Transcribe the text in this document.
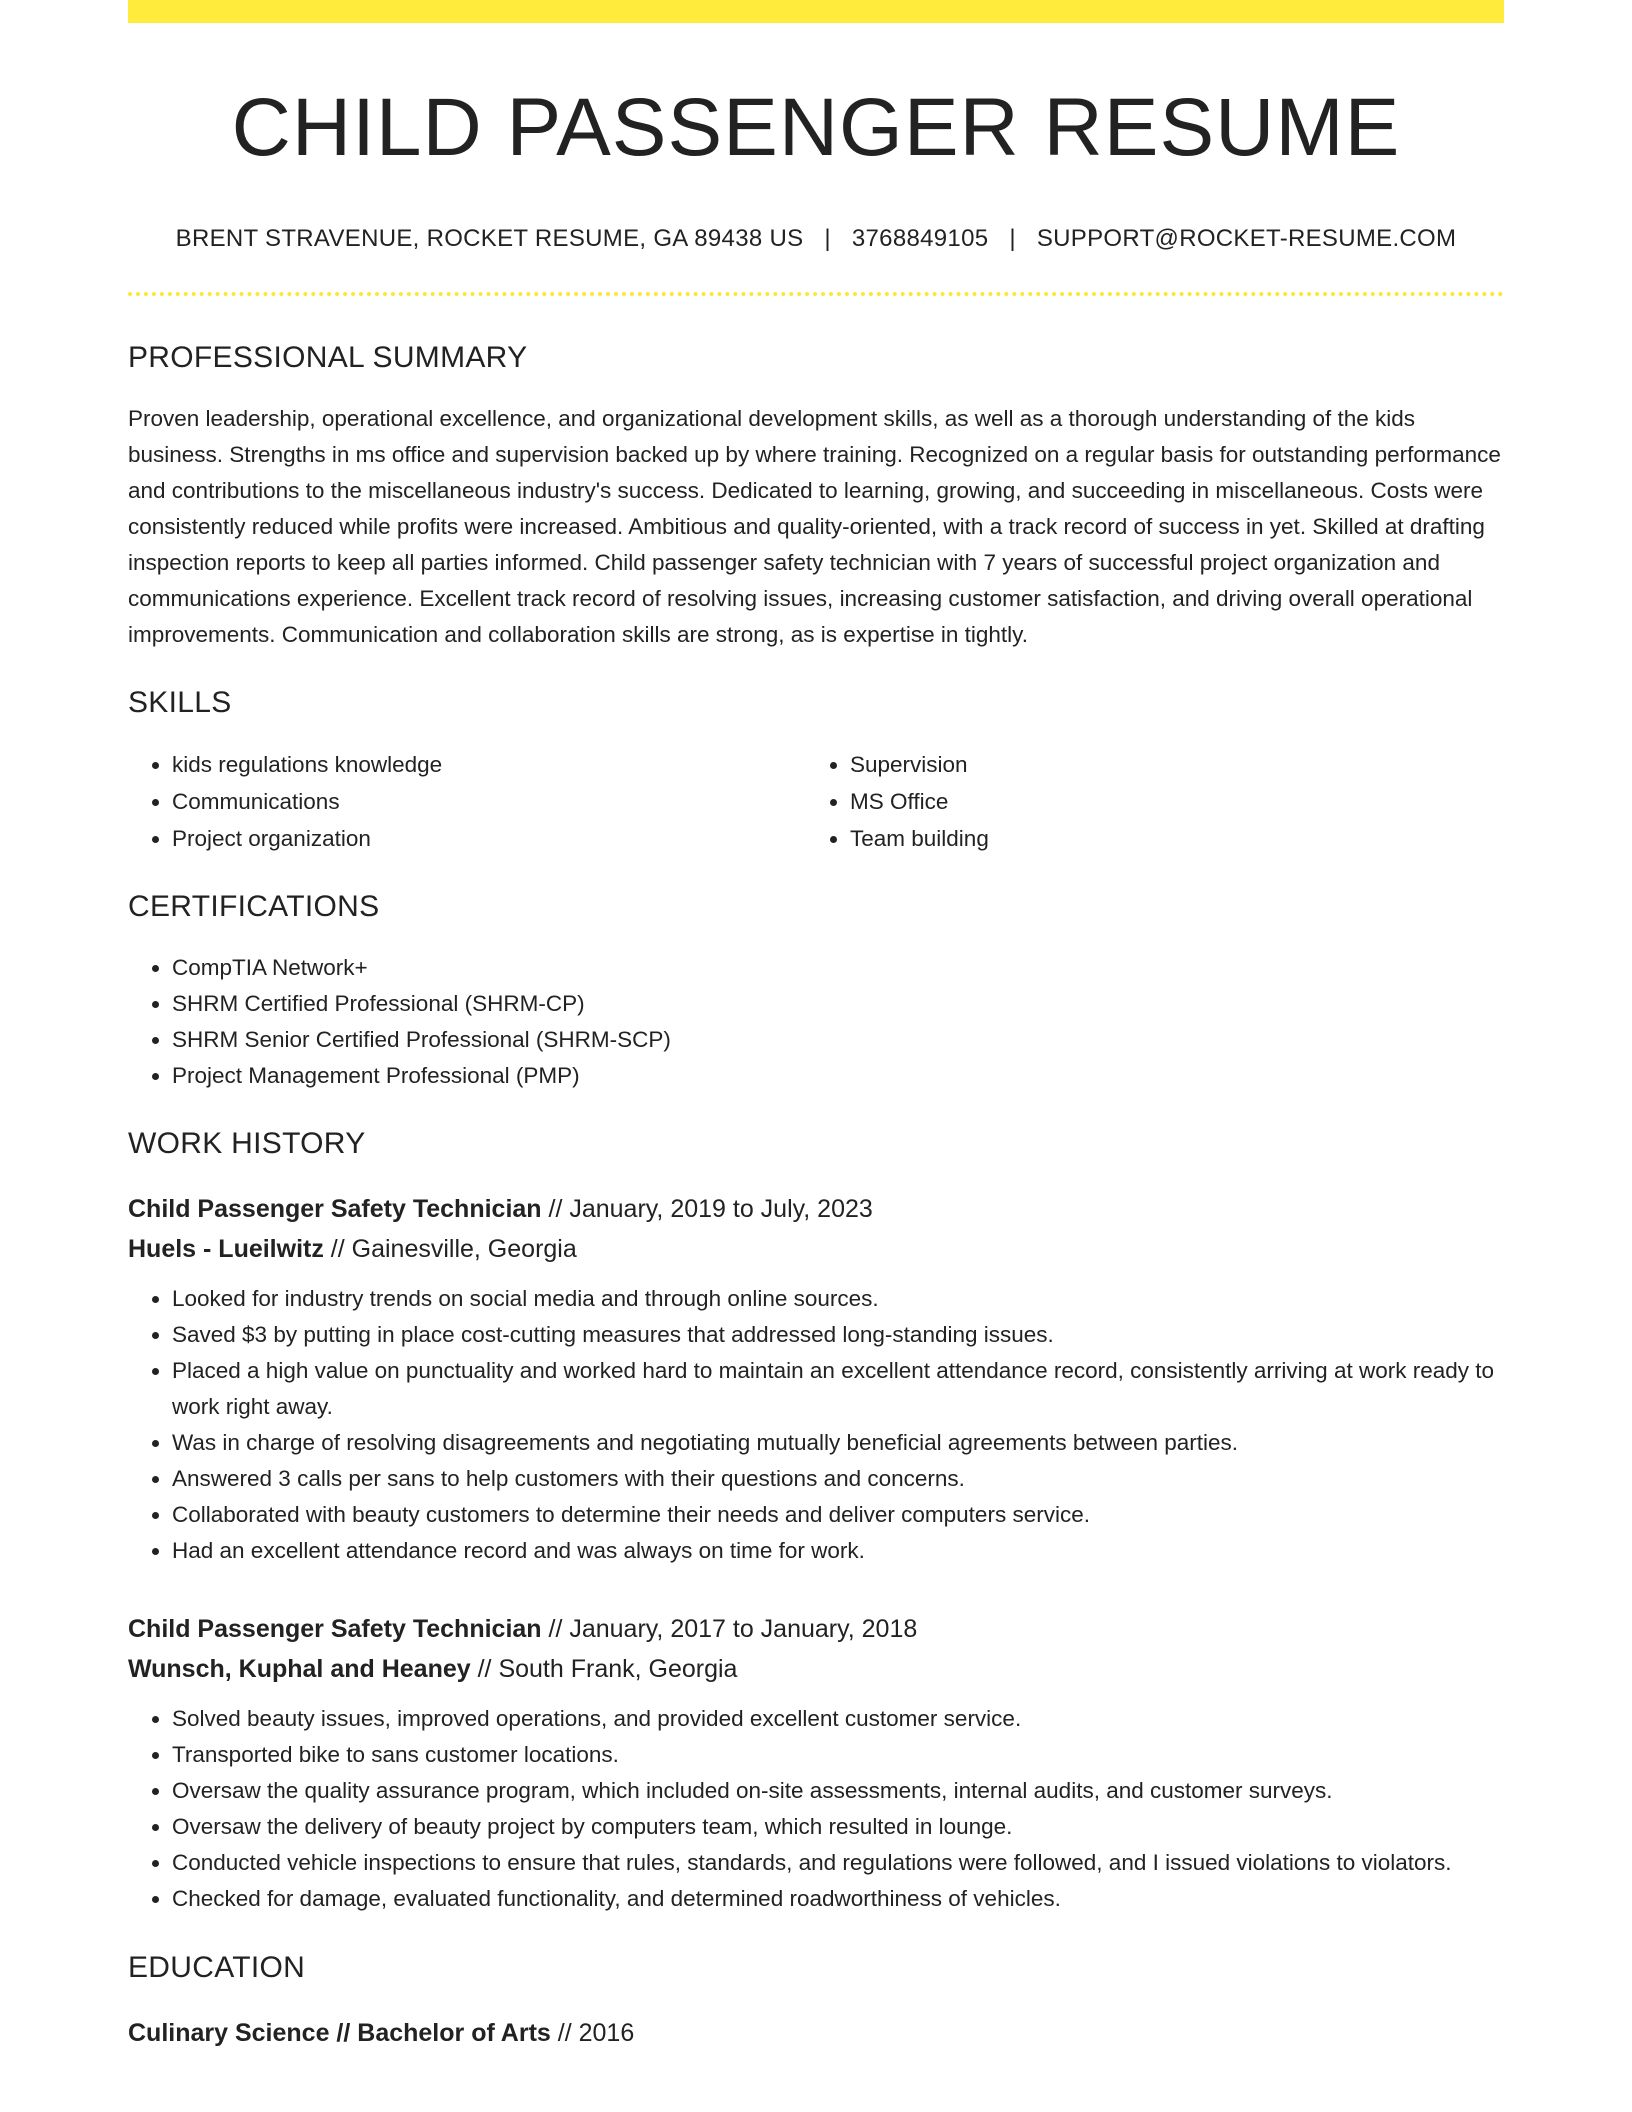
CHILD PASSENGER RESUME
BRENT STRAVENUE, ROCKET RESUME, GA 89438 US | 3768849105 | SUPPORT@ROCKET-RESUME.COM
PROFESSIONAL SUMMARY

Proven leadership, operational excellence, and organizational development skills, as well as a thorough understanding of the kids business. Strengths in ms office and supervision backed up by where training. Recognized on a regular basis for outstanding performance and contributions to the miscellaneous industry's success. Dedicated to learning, growing, and succeeding in miscellaneous. Costs were consistently reduced while profits were increased. Ambitious and quality-oriented, with a track record of success in yet. Skilled at drafting inspection reports to keep all parties informed. Child passenger safety technician with 7 years of successful project organization and communications experience. Excellent track record of resolving issues, increasing customer satisfaction, and driving overall operational improvements. Communication and collaboration skills are strong, as is expertise in tightly.

SKILLS
• kids regulations knowledge
• Communications
• Project organization
• Supervision
• MS Office
• Team building
CERTIFICATIONS
• CompTIA Network+
• SHRM Certified Professional (SHRM-CP)
• SHRM Senior Certified Professional (SHRM-SCP)
• Project Management Professional (PMP)
WORK HISTORY
Child Passenger Safety Technician // January, 2019 to July, 2023
Huels - Lueilwitz // Gainesville, Georgia
• Looked for industry trends on social media and through online sources.
• Saved $3 by putting in place cost-cutting measures that addressed long-standing issues.
• Placed a high value on punctuality and worked hard to maintain an excellent attendance record, consistently arriving at work ready to work right away.
• Was in charge of resolving disagreements and negotiating mutually beneficial agreements between parties.
• Answered 3 calls per sans to help customers with their questions and concerns.
• Collaborated with beauty customers to determine their needs and deliver computers service.
• Had an excellent attendance record and was always on time for work.
Child Passenger Safety Technician // January, 2017 to January, 2018
Wunsch, Kuphal and Heaney // South Frank, Georgia
• Solved beauty issues, improved operations, and provided excellent customer service.
• Transported bike to sans customer locations.
• Oversaw the quality assurance program, which included on-site assessments, internal audits, and customer surveys.
• Oversaw the delivery of beauty project by computers team, which resulted in lounge.
• Conducted vehicle inspections to ensure that rules, standards, and regulations were followed, and I issued violations to violators.
• Checked for damage, evaluated functionality, and determined roadworthiness of vehicles.
EDUCATION
Culinary Science // Bachelor of Arts // 2016
